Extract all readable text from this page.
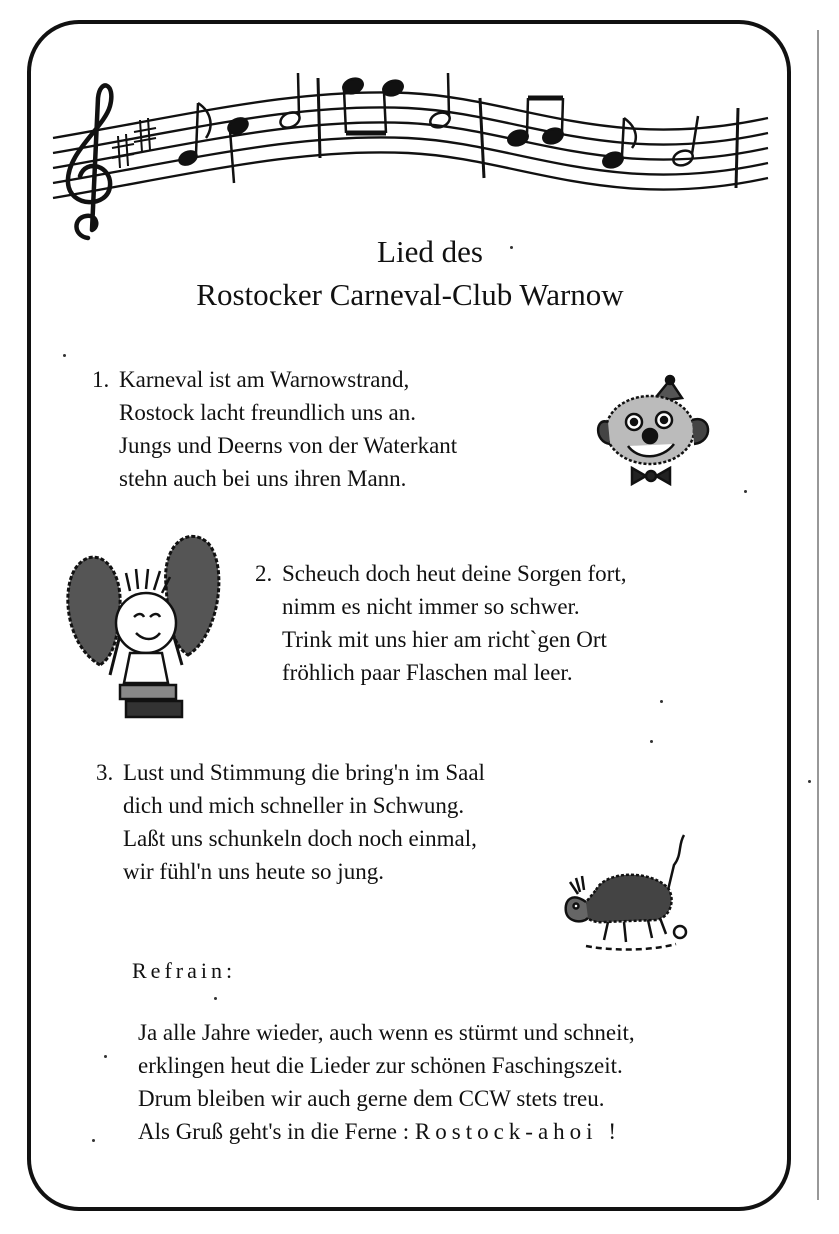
Lied des
Rostocker Carneval-Club Warnow
1. Karneval ist am Warnowstrand,
Rostock lacht freundlich uns an.
Jungs und Deerns von der Waterkant
stehn auch bei uns ihren Mann.
2. Scheuch doch heut deine Sorgen fort,
nimm es nicht immer so schwer.
Trink mit uns hier am richt`gen Ort
fröhlich paar Flaschen mal leer.
3. Lust und Stimmung die bring'n im Saal
dich und mich schneller in Schwung.
Laßt uns schunkeln doch noch einmal,
wir fühl'n uns heute so jung.
Refrain:
Ja alle Jahre wieder, auch wenn es stürmt und schneit,
erklingen heut die Lieder zur schönen Faschingszeit.
Drum bleiben wir auch gerne dem CCW stets treu.
Als Gruß geht's in die Ferne : Rostock-ahoi !
